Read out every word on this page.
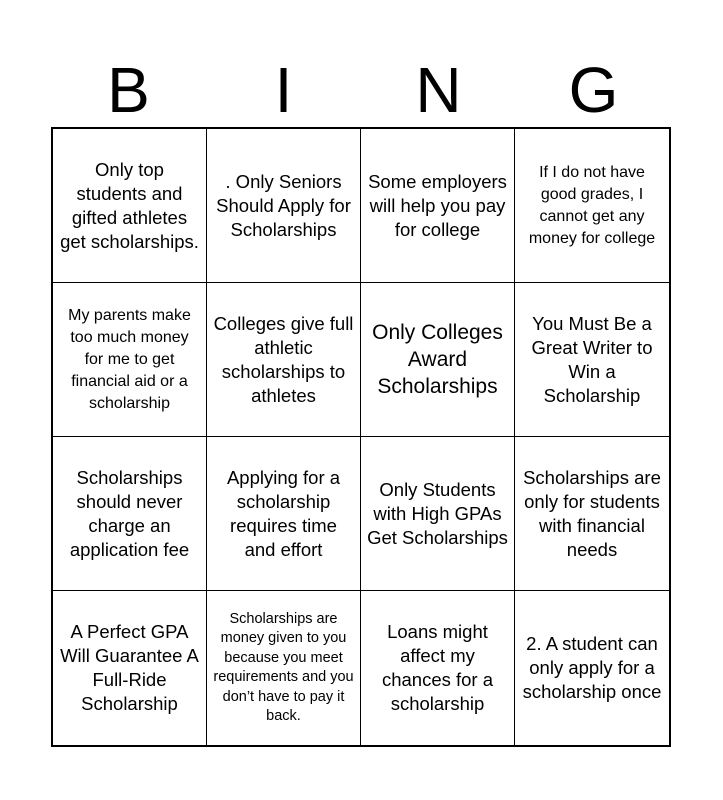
B	I	N	G
Only top students and gifted athletes get scholarships.
. Only Seniors Should Apply for Scholarships
Some employers will help you pay for college
If I do not have good grades, I cannot get any money for college
My parents make too much money for me to get financial aid or a scholarship
Colleges give full athletic scholarships to athletes
Only Colleges Award Scholarships
You Must Be a Great Writer to Win a Scholarship
Scholarships should never charge an application fee
Applying for a scholarship requires time and effort
Only Students with High GPAs Get Scholarships
Scholarships are only for students with financial needs
A Perfect GPA Will Guarantee A Full-Ride Scholarship
Scholarships are money given to you because you meet requirements and you don’t have to pay it back.
Loans might affect my chances for a scholarship
2. A student can only apply for a scholarship once
